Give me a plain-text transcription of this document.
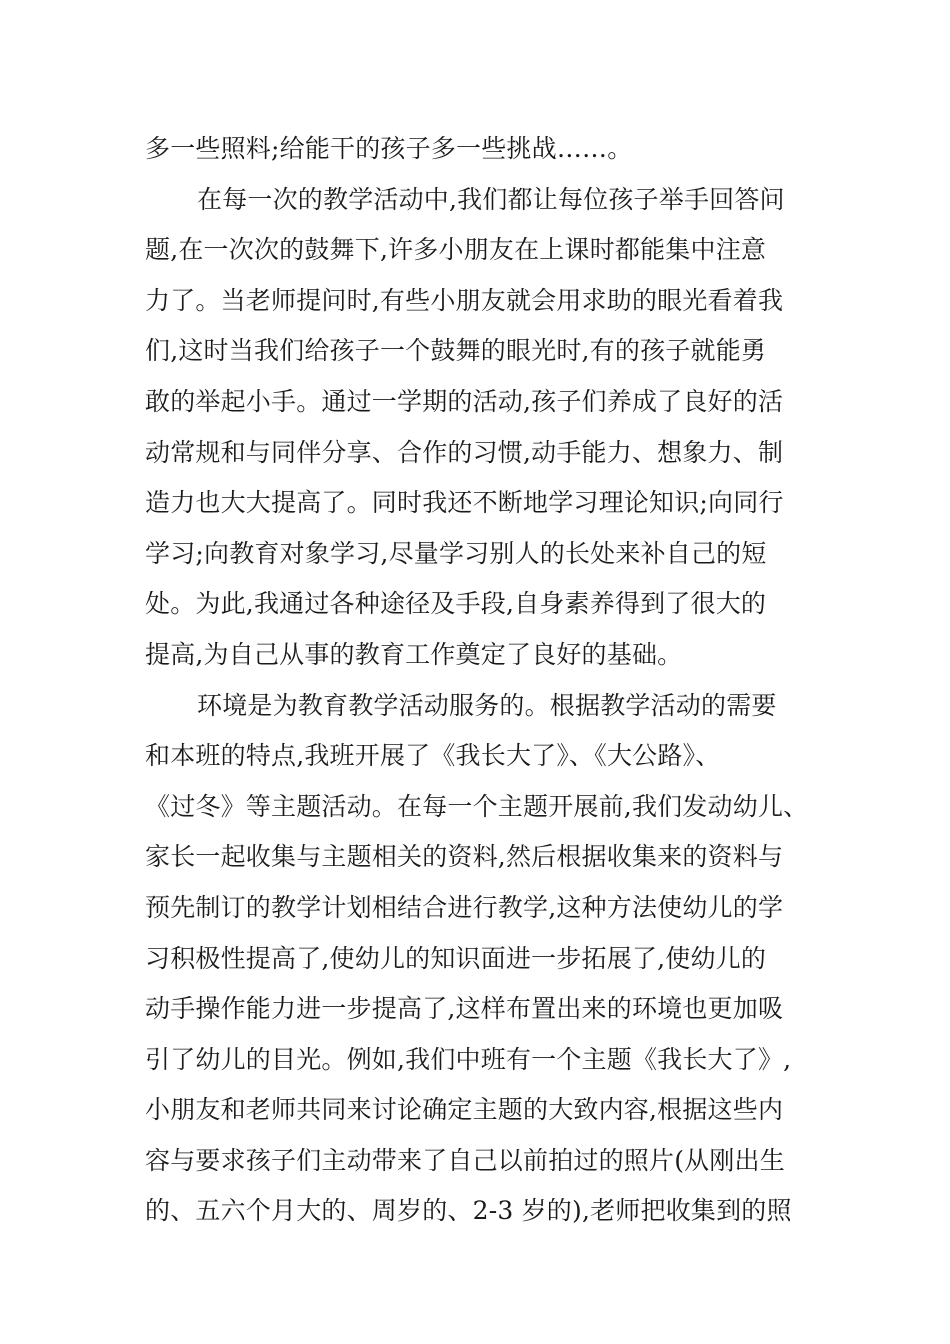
多一些照料;给能干的孩子多一些挑战……。
在每一次的教学活动中,我们都让每位孩子举手回答问
题,在一次次的鼓舞下,许多小朋友在上课时都能集中注意
力了。当老师提问时,有些小朋友就会用求助的眼光看着我
们,这时当我们给孩子一个鼓舞的眼光时,有的孩子就能勇
敢的举起小手。通过一学期的活动,孩子们养成了良好的活
动常规和与同伴分享、合作的习惯,动手能力、想象力、制
造力也大大提高了。同时我还不断地学习理论知识;向同行
学习;向教育对象学习,尽量学习别人的长处来补自己的短
处。为此,我通过各种途径及手段,自身素养得到了很大的
提高,为自己从事的教育工作奠定了良好的基础。
环境是为教育教学活动服务的。根据教学活动的需要
和本班的特点,我班开展了《我长大了》、《大公路》、
《过冬》等主题活动。在每一个主题开展前,我们发动幼儿、
家长一起收集与主题相关的资料,然后根据收集来的资料与
预先制订的教学计划相结合进行教学,这种方法使幼儿的学
习积极性提高了,使幼儿的知识面进一步拓展了,使幼儿的
动手操作能力进一步提高了,这样布置出来的环境也更加吸
引了幼儿的目光。例如,我们中班有一个主题《我长大了》,
小朋友和老师共同来讨论确定主题的大致内容,根据这些内
容与要求孩子们主动带来了自己以前拍过的照片(从刚出生
的、五六个月大的、周岁的、2-3 岁的),老师把收集到的照
